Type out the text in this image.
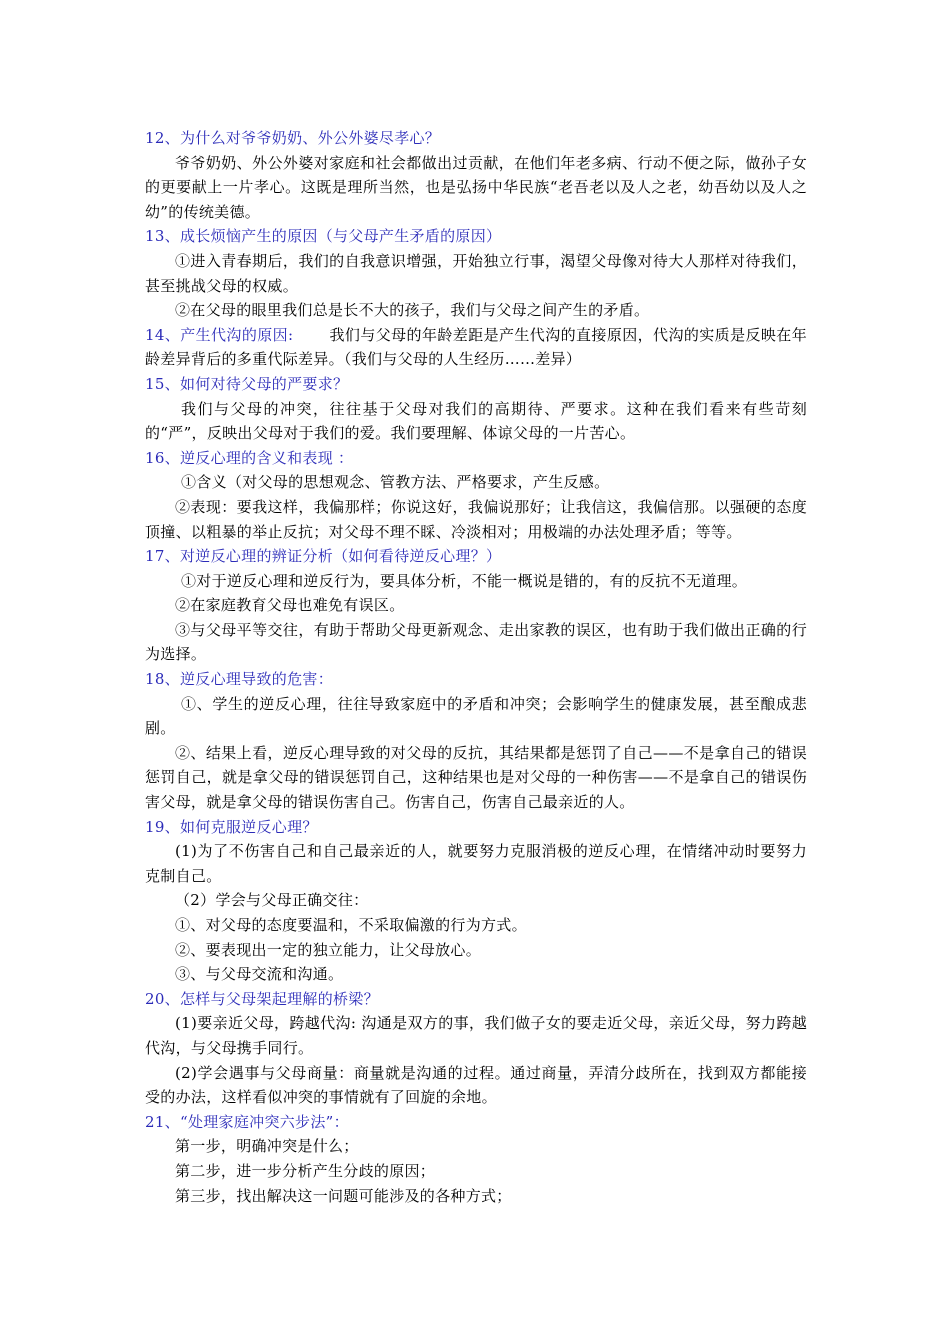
12、为什么对爷爷奶奶、外公外婆尽孝心？

爷爷奶奶、外公外婆对家庭和社会都做出过贡献，在他们年老多病、行动不便之际，做孙子女的更要献上一片孝心。这既是理所当然，也是弘扬中华民族“老吾老以及人之老，幼吾幼以及人之幼”的传统美德。

13、成长烦恼产生的原因（与父母产生矛盾的原因）

①进入青春期后，我们的自我意识增强，开始独立行事，渴望父母像对待大人那样对待我们，甚至挑战父母的权威。

②在父母的眼里我们总是长不大的孩子，我们与父母之间产生的矛盾。

14、产生代沟的原因: 我们与父母的年龄差距是产生代沟的直接原因，代沟的实质是反映在年龄差异背后的多重代际差异。（我们与父母的人生经历……差异）

15、如何对待父母的严要求？

我们与父母的冲突，往往基于父母对我们的高期待、严要求。这种在我们看来有些苛刻的“严”，反映出父母对于我们的爱。我们要理解、体谅父母的一片苦心。

16、逆反心理的含义和表现 ：

①含义（对父母的思想观念、管教方法、严格要求，产生反感。

②表现：要我这样，我偏那样；你说这好，我偏说那好；让我信这，我偏信那。以强硬的态度顶撞、以粗暴的举止反抗；对父母不理不睬、冷淡相对；用极端的办法处理矛盾；等等。

17、对逆反心理的辨证分析（如何看待逆反心理？）

①对于逆反心理和逆反行为，要具体分析，不能一概说是错的，有的反抗不无道理。

②在家庭教育父母也难免有误区。

③与父母平等交往，有助于帮助父母更新观念、走出家教的误区，也有助于我们做出正确的行为选择。

18、逆反心理导致的危害：

①、学生的逆反心理，往往导致家庭中的矛盾和冲突；会影响学生的健康发展，甚至酿成悲剧。

②、结果上看，逆反心理导致的对父母的反抗，其结果都是惩罚了自己——不是拿自己的错误惩罚自己，就是拿父母的错误惩罚自己，这种结果也是对父母的一种伤害——不是拿自己的错误伤害父母，就是拿父母的错误伤害自己。伤害自己，伤害自己最亲近的人。

19、如何克服逆反心理？

(1)为了不伤害自己和自己最亲近的人，就要努力克服消极的逆反心理，在情绪冲动时要努力克制自己。

（2）学会与父母正确交往：

①、对父母的态度要温和，不采取偏激的行为方式。

②、要表现出一定的独立能力，让父母放心。

③、与父母交流和沟通。

20、怎样与父母架起理解的桥梁？

(1)要亲近父母，跨越代沟: 沟通是双方的事，我们做子女的要走近父母，亲近父母，努力跨越代沟，与父母携手同行。

(2)学会遇事与父母商量：商量就是沟通的过程。通过商量，弄清分歧所在，找到双方都能接受的办法，这样看似冲突的事情就有了回旋的余地。

21、“处理家庭冲突六步法”：

第一步，明确冲突是什么；

第二步，进一步分析产生分歧的原因；

第三步，找出解决这一问题可能涉及的各种方式；
